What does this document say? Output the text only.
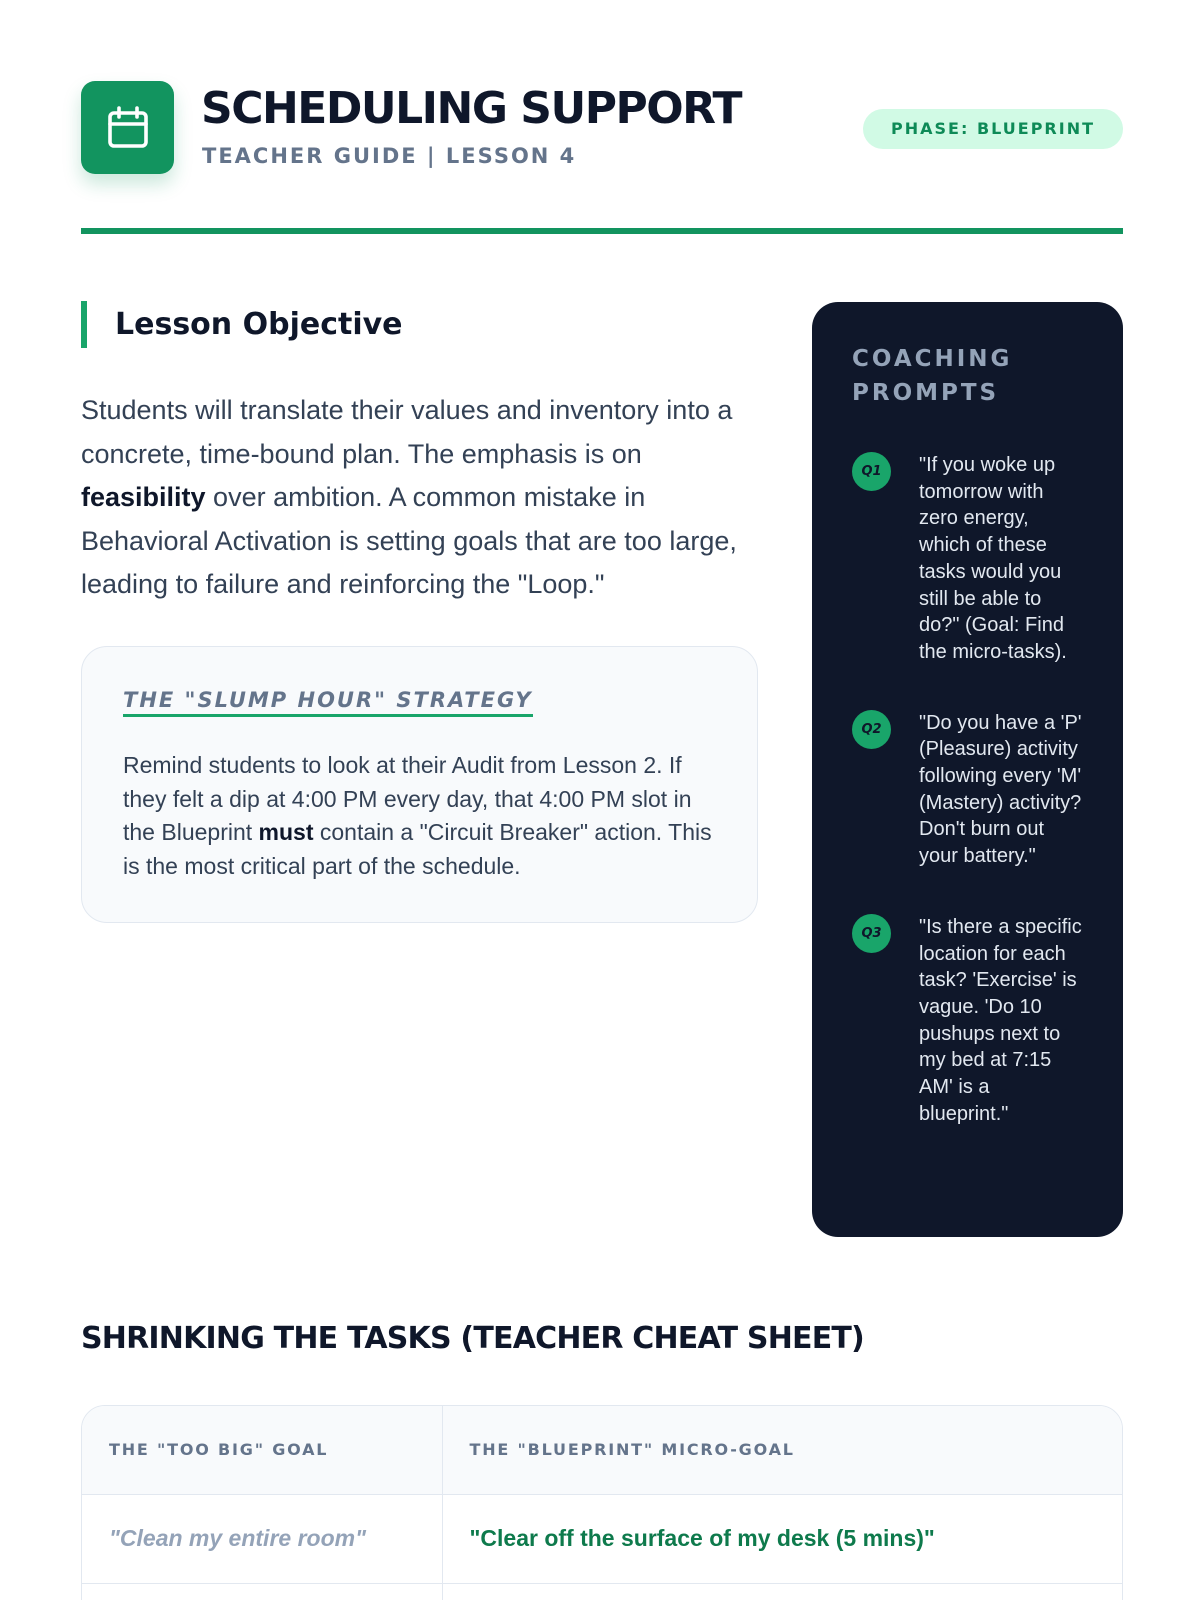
SCHEDULING SUPPORT
TEACHER GUIDE | LESSON 4
PHASE: BLUEPRINT
Lesson Objective

Students will translate their values and inventory into a concrete, time-bound plan. The emphasis is on feasibility over ambition. A common mistake in Behavioral Activation is setting goals that are too large, leading to failure and reinforcing the "Loop."

THE "SLUMP HOUR" STRATEGY

Remind students to look at their Audit from Lesson 2. If they felt a dip at 4:00 PM every day, that 4:00 PM slot in the Blueprint must contain a "Circuit Breaker" action. This is the most critical part of the schedule.

COACHING PROMPTS
Q1	"If you woke up tomorrow with zero energy, which of these tasks would you still be able to do?" (Goal: Find the micro-tasks).
Q2	"Do you have a 'P' (Pleasure) activity following every 'M' (Mastery) activity? Don't burn out your battery."
Q3	"Is there a specific location for each task? 'Exercise' is vague. 'Do 10 pushups next to my bed at 7:15 AM' is a blueprint."
SHRINKING THE TASKS (TEACHER CHEAT SHEET)
THE "TOO BIG" GOAL	THE "BLUEPRINT" MICRO-GOAL
"Clean my entire room"	"Clear off the surface of my desk (5 mins)"
